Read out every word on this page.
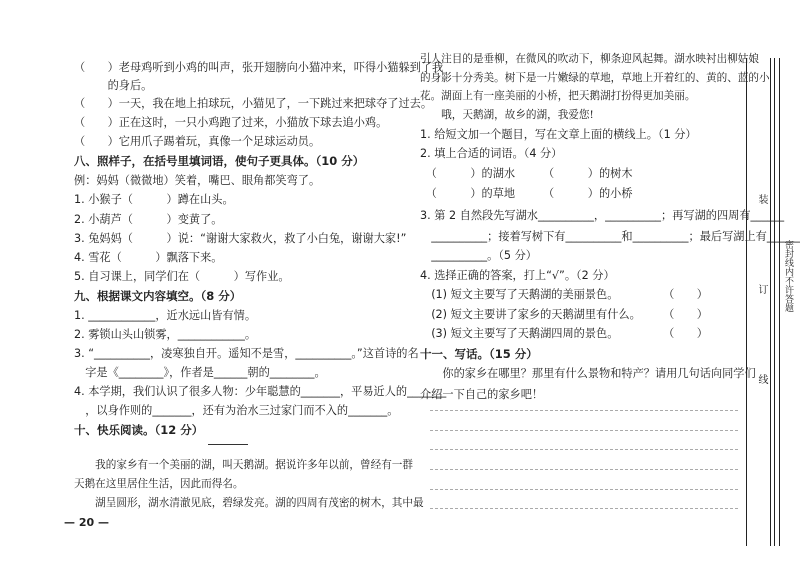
（　　）老母鸡听到小鸡的叫声，张开翅膀向小猫冲来，吓得小猫躲到了我
　　　的身后。
（　　）一天，我在地上拍球玩，小猫见了，一下跳过来把球夺了过去。
（　　）正在这时，一只小鸡跑了过来，小猫放下球去追小鸡。
（　　）它用爪子踢着玩，真像一个足球运动员。
八、照样子，在括号里填词语，使句子更具体。（10 分）
例：妈妈（微微地）笑着，嘴巴、眼角都笑弯了。
1. 小猴子（　　　）蹲在山头。
2. 小葫芦（　　　）变黄了。
3. 兔妈妈（　　　）说：“谢谢大家救火，救了小白兔，谢谢大家!”
4. 雪花（　　　）飘落下来。
5. 自习课上，同学们在（　　　）写作业。
九、根据课文内容填空。（8 分）
1. ____________，近水远山皆有情。
2. 雾锁山头山锁雾，____________。
3. “__________，凌寒独自开。遥知不是雪，__________。”这首诗的名
　字是《________》，作者是______朝的________。
4. 本学期，我们认识了很多人物：少年聪慧的_______，平易近人的_______
　，以身作则的_______，还有为治水三过家门而不入的_______。
十、快乐阅读。（12 分）
　　我的家乡有一个美丽的湖，叫天鹅湖。据说许多年以前，曾经有一群
天鹅在这里居住生活，因此而得名。
　　湖呈圆形，湖水清澈见底，碧绿发亮。湖的四周有茂密的树木，其中最
引人注目的是垂柳，在微风的吹动下，柳条迎风起舞。湖水映衬出柳姑娘
的身影十分秀美。树下是一片嫩绿的草地，草地上开着红的、黄的、蓝的小
花。湖面上有一座美丽的小桥，把天鹅湖打扮得更加美丽。
　　哦，天鹅湖，故乡的湖，我爱您!
1. 给短文加一个题目，写在文章上面的横线上。（1 分）
2. 填上合适的词语。（4 分）
　（　　　）的湖水　　　（　　　）的树木
　（　　　）的草地　　　（　　　）的小桥
3. 第 2 自然段先写湖水__________，__________；再写湖的四周有______
　__________；接着写树下有__________和__________；最后写湖上有______
　__________。（5 分）
4. 选择正确的答案，打上“√”。（2 分）
　(1) 短文主要写了天鹅湖的美丽景色。　　　　　（　　）
　(2) 短文主要讲了家乡的天鹅湖里有什么。　　　（　　）
　(3) 短文主要写了天鹅湖四周的景色。　　　　　（　　）
十一、写话。（15 分）
　　你的家乡在哪里？那里有什么景物和特产？请用几句话向同学们
介绍一下自己的家乡吧！
装
订
线
密封线内不许答题
— 20 —
